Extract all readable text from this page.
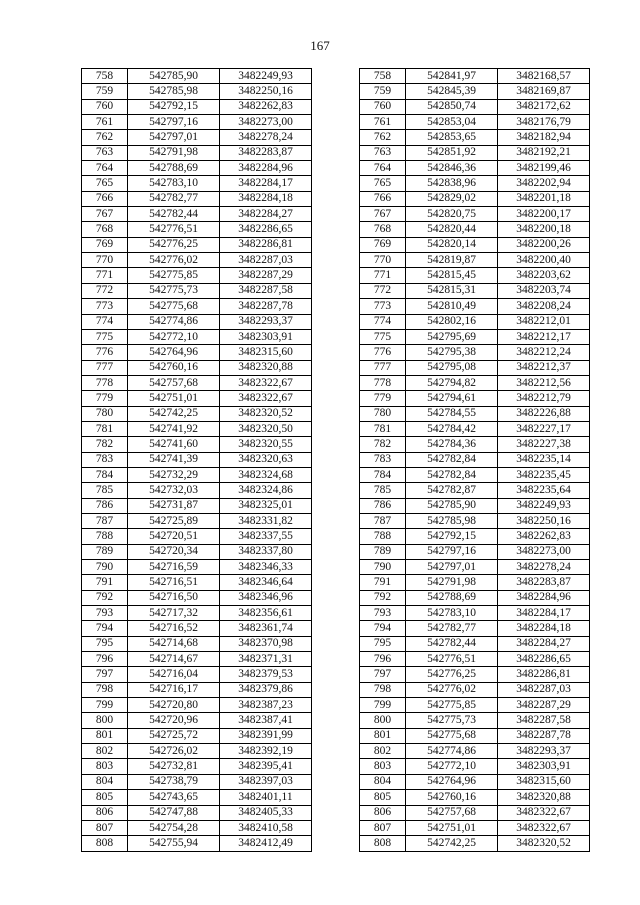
167
758	542785,90	3482249,93
759	542785,98	3482250,16
760	542792,15	3482262,83
761	542797,16	3482273,00
762	542797,01	3482278,24
763	542791,98	3482283,87
764	542788,69	3482284,96
765	542783,10	3482284,17
766	542782,77	3482284,18
767	542782,44	3482284,27
768	542776,51	3482286,65
769	542776,25	3482286,81
770	542776,02	3482287,03
771	542775,85	3482287,29
772	542775,73	3482287,58
773	542775,68	3482287,78
774	542774,86	3482293,37
775	542772,10	3482303,91
776	542764,96	3482315,60
777	542760,16	3482320,88
778	542757,68	3482322,67
779	542751,01	3482322,67
780	542742,25	3482320,52
781	542741,92	3482320,50
782	542741,60	3482320,55
783	542741,39	3482320,63
784	542732,29	3482324,68
785	542732,03	3482324,86
786	542731,87	3482325,01
787	542725,89	3482331,82
788	542720,51	3482337,55
789	542720,34	3482337,80
790	542716,59	3482346,33
791	542716,51	3482346,64
792	542716,50	3482346,96
793	542717,32	3482356,61
794	542716,52	3482361,74
795	542714,68	3482370,98
796	542714,67	3482371,31
797	542716,04	3482379,53
798	542716,17	3482379,86
799	542720,80	3482387,23
800	542720,96	3482387,41
801	542725,72	3482391,99
802	542726,02	3482392,19
803	542732,81	3482395,41
804	542738,79	3482397,03
805	542743,65	3482401,11
806	542747,88	3482405,33
807	542754,28	3482410,58
808	542755,94	3482412,49
758	542841,97	3482168,57
759	542845,39	3482169,87
760	542850,74	3482172,62
761	542853,04	3482176,79
762	542853,65	3482182,94
763	542851,92	3482192,21
764	542846,36	3482199,46
765	542838,96	3482202,94
766	542829,02	3482201,18
767	542820,75	3482200,17
768	542820,44	3482200,18
769	542820,14	3482200,26
770	542819,87	3482200,40
771	542815,45	3482203,62
772	542815,31	3482203,74
773	542810,49	3482208,24
774	542802,16	3482212,01
775	542795,69	3482212,17
776	542795,38	3482212,24
777	542795,08	3482212,37
778	542794,82	3482212,56
779	542794,61	3482212,79
780	542784,55	3482226,88
781	542784,42	3482227,17
782	542784,36	3482227,38
783	542782,84	3482235,14
784	542782,84	3482235,45
785	542782,87	3482235,64
786	542785,90	3482249,93
787	542785,98	3482250,16
788	542792,15	3482262,83
789	542797,16	3482273,00
790	542797,01	3482278,24
791	542791,98	3482283,87
792	542788,69	3482284,96
793	542783,10	3482284,17
794	542782,77	3482284,18
795	542782,44	3482284,27
796	542776,51	3482286,65
797	542776,25	3482286,81
798	542776,02	3482287,03
799	542775,85	3482287,29
800	542775,73	3482287,58
801	542775,68	3482287,78
802	542774,86	3482293,37
803	542772,10	3482303,91
804	542764,96	3482315,60
805	542760,16	3482320,88
806	542757,68	3482322,67
807	542751,01	3482322,67
808	542742,25	3482320,52
